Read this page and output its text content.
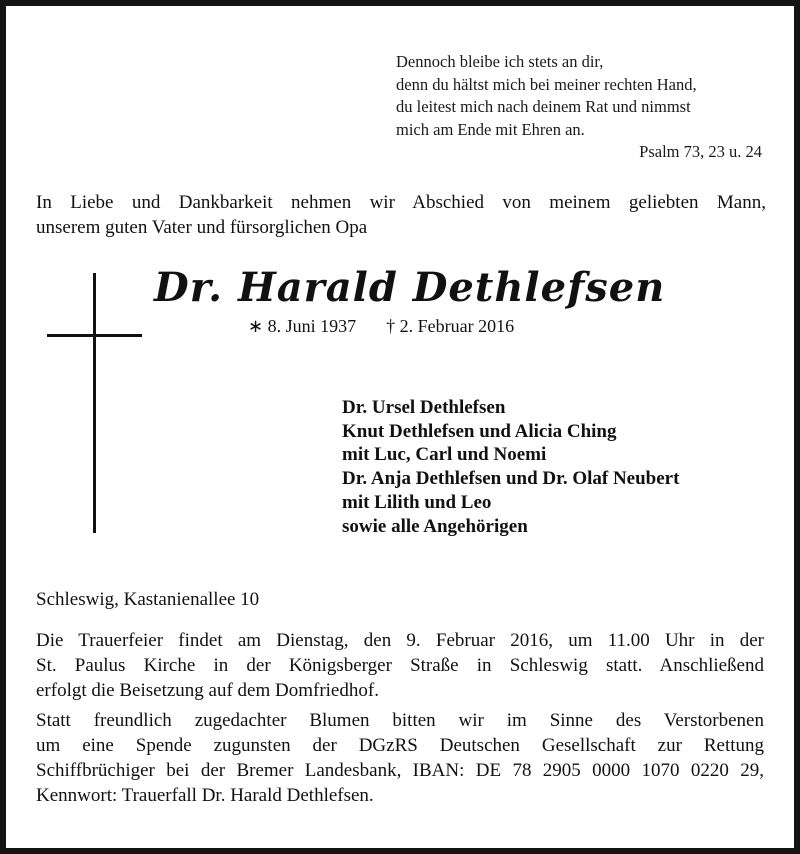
Dennoch bleibe ich stets an dir,
denn du hältst mich bei meiner rechten Hand,
du leitest mich nach deinem Rat und nimmst
mich am Ende mit Ehren an.
Psalm 73, 23 u. 24
In Liebe und Dankbarkeit nehmen wir Abschied von meinem geliebten Mann,
unserem guten Vater und fürsorglichen Opa
Dr. Harald Dethlefsen
∗ 8. Juni 1937 † 2. Februar 2016
Dr. Ursel Dethlefsen
Knut Dethlefsen und Alicia Ching
mit Luc, Carl und Noemi
Dr. Anja Dethlefsen und Dr. Olaf Neubert
mit Lilith und Leo
sowie alle Angehörigen
Schleswig, Kastanienallee 10
Die Trauerfeier findet am Dienstag, den 9. Februar 2016, um 11.00 Uhr in der
St. Paulus Kirche in der Königsberger Straße in Schleswig statt. Anschließend
erfolgt die Beisetzung auf dem Domfriedhof.
Statt freundlich zugedachter Blumen bitten wir im Sinne des Verstorbenen
um eine Spende zugunsten der DGzRS Deutschen Gesellschaft zur Rettung
Schiffbrüchiger bei der Bremer Landesbank, IBAN: DE 78 2905 0000 1070 0220 29,
Kennwort: Trauerfall Dr. Harald Dethlefsen.
